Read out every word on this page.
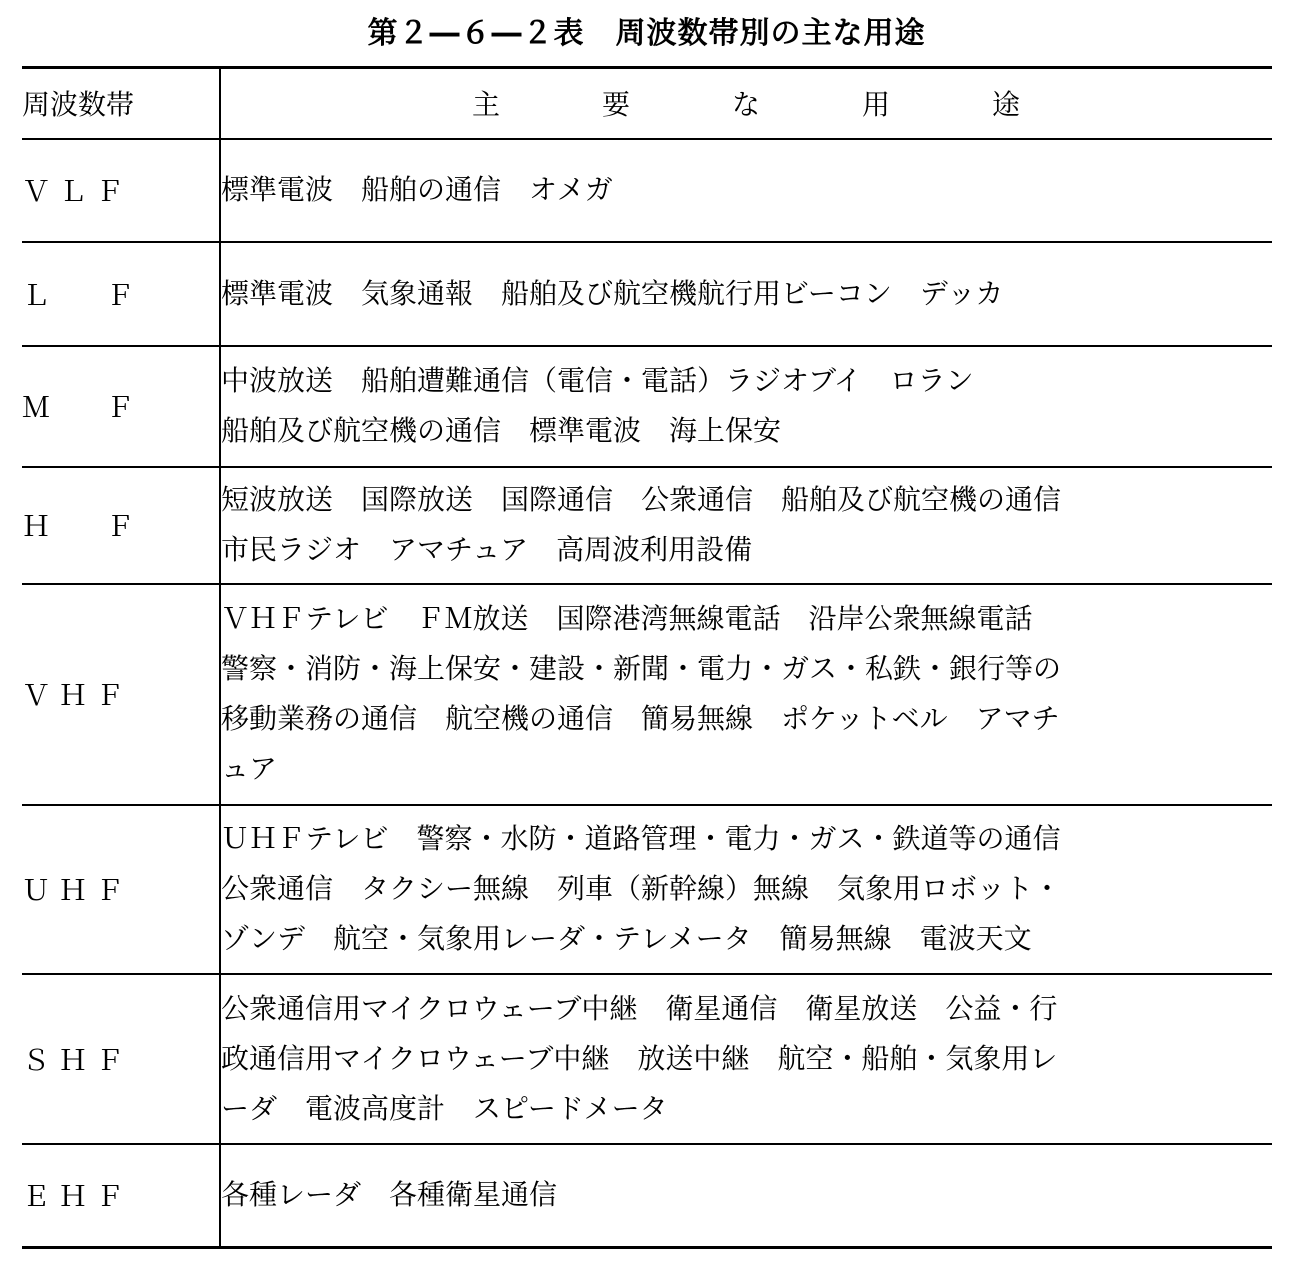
第２―６―２表　周波数帯別の主な用途
周波数帯	主 要 な 用 途
Ｖ Ｌ Ｆ	標準電波　船舶の通信　オメガ

Ｌ　　Ｆ	標準電波　気象通報　船舶及び航空機航行用ビーコン　デッカ

Ｍ　　Ｆ	中波放送　船舶遭難通信（電信・電話）ラジオブイ　ロラン
船舶及び航空機の通信　標準電波　海上保安

Ｈ　　Ｆ	短波放送　国際放送　国際通信　公衆通信　船舶及び航空機の通信
市民ラジオ　アマチュア　高周波利用設備

Ｖ Ｈ Ｆ	ＶＨＦテレビ　ＦＭ放送　国際港湾無線電話　沿岸公衆無線電話
警察・消防・海上保安・建設・新聞・電力・ガス・私鉄・銀行等の
移動業務の通信　航空機の通信　簡易無線　ポケットベル　アマチ
ュア

Ｕ Ｈ Ｆ	ＵＨＦテレビ　警察・水防・道路管理・電力・ガス・鉄道等の通信
公衆通信　タクシー無線　列車（新幹線）無線　気象用ロボット・
ゾンデ　航空・気象用レーダ・テレメータ　簡易無線　電波天文

Ｓ Ｈ Ｆ	公衆通信用マイクロウェーブ中継　衛星通信　衛星放送　公益・行
政通信用マイクロウェーブ中継　放送中継　航空・船舶・気象用レ
ーダ　電波高度計　スピードメータ

Ｅ Ｈ Ｆ	各種レーダ　各種衛星通信
